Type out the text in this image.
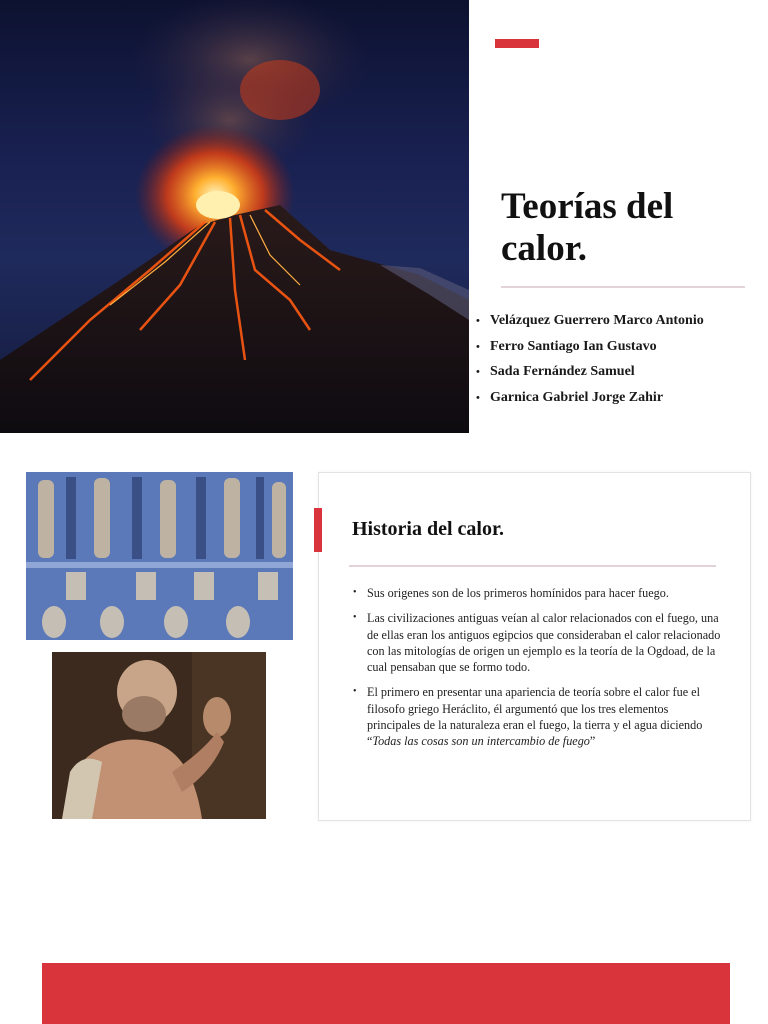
Teorías del calor.
• Velázquez Guerrero Marco Antonio
• Ferro Santiago Ian Gustavo
• Sada Fernández Samuel
• Garnica Gabriel Jorge Zahir
Historia del calor.
• Sus origenes son de los primeros homínidos para hacer fuego.
• Las civilizaciones antiguas veían al calor relacionados con el fuego, una de ellas eran los antiguos egipcios que consideraban el calor relacionado con las mitologías de origen un ejemplo es la teoría de la Ogdoad, de la cual pensaban que se formo todo.
• El primero en presentar una apariencia de teoría sobre el calor fue el filosofo griego Heráclito, él argumentó que los tres elementos principales de la naturaleza eran el fuego, la tierra y el agua diciendo “Todas las cosas son un intercambio de fuego”
